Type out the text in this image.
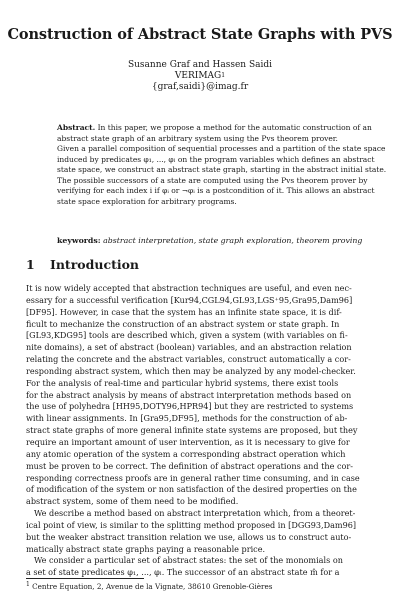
Construction of Abstract State Graphs with PVS
Susanne Graf and Hassen Saidi
VERIMAG$^1$
{graf,saidi}@imag.fr
Abstract. In this paper, we propose a method for the automatic construction of an
abstract state graph of an arbitrary system using the Pvs theorem prover.
Given a parallel composition of sequential processes and a partition of the state space
induced by predicates φ₁, ..., φₗ on the program variables which defines an abstract
state space, we construct an abstract state graph, starting in the abstract initial state.
The possible successors of a state are computed using the Pvs theorem prover by
verifying for each index i if φᵢ or ¬φᵢ is a postcondition of it. This allows an abstract
state space exploration for arbitrary programs.
keywords: abstract interpretation, state graph exploration, theorem proving
1 Introduction
It is now widely accepted that abstraction techniques are useful, and even nec-
essary for a successful verification [Kur94,CGL94,GL93,LGS⁺95,Gra95,Dam96]
[DF95]. However, in case that the system has an infinite state space, it is dif-
ficult to mechanize the construction of an abstract system or state graph. In
[GL93,KDG95] tools are described which, given a system (with variables on fi-
nite domains), a set of abstract (boolean) variables, and an abstraction relation
relating the concrete and the abstract variables, construct automatically a cor-
responding abstract system, which then may be analyzed by any model-checker.
For the analysis of real-time and particular hybrid systems, there exist tools
for the abstract analysis by means of abstract interpretation methods based on
the use of polyhedra [HH95,DOTY96,HPR94] but they are restricted to systems
with linear assignments. In [Gra95,DF95], methods for the construction of ab-
stract state graphs of more general infinite state systems are proposed, but they
require an important amount of user intervention, as it is necessary to give for
any atomic operation of the system a corresponding abstract operation which
must be proven to be correct. The definition of abstract operations and the cor-
responding correctness proofs are in general rather time consuming, and in case
of modification of the system or non satisfaction of the desired properties on the
abstract system, some of them need to be modified.
We describe a method based on abstract interpretation which, from a theoret-
ical point of view, is similar to the splitting method proposed in [DGG93,Dam96]
but the weaker abstract transition relation we use, allows us to construct auto-
matically abstract state graphs paying a reasonable price.
We consider a particular set of abstract states: the set of the monomials on
a set of state predicates φ₁, ..., φₗ. The successor of an abstract state m̂ for a
$^1$ Centre Equation, 2, Avenue de la Vignate, 38610 Grenoble-Gières
